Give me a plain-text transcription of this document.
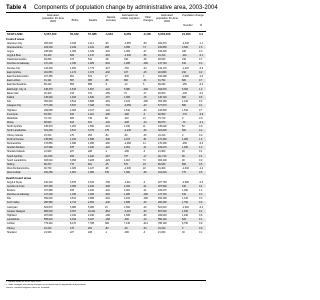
Table 4 Components of population change by administrative area, 2003-2004
Estimated population 30 June 2003	Births	Deaths
Natural increase
Estimated net civilian migration	Other changes
Estimated population 30 June 2004
Population change
Number	%
SCOTLAND	5,057,400	52,432	57,386	-4,954	8,359	-3,105	5,078,400	21,000	0.4
Council areas
Aberdeen City	206,600	2,018	2,113	-95	-1,555	-50	202,370	-2,230	-1.1
Aberdeenshire	229,330	2,249	2,041	208	3,095	73	232,850	3,520	1.5
Angus	108,990	1,009	1,329	-320	1,069	-27	109,320	330	0.3
Argyll & Bute	91,420	829	1,147	-318	-1,330	-53	91,310	-110	-0.1
Clackmannanshire	48,290	474	512	-38	316	-38	48,630	340	0.7
Dumfries & Galloway	147,230	1,335	1,929	-594	1,285	-180	147,740	510	0.3
Dundee City	143,390	1,452	1,779	-327	-760	-23	142,170	-1,220	-0.9
East Ayrshire	119,650	1,172	1,374	-202	137	-15	119,860	210	0.2
East Dunbartonshire	107,350	901	874	27	-530	3	106,290	-1,060	-1.0
East Lothian	91,110	897	986	-89	800	-31	91,790	680	0.7
East Renfrewshire	89,440	853	858	-5	-13	5	89,290	-150	-0.2
Edinburgh, City of	448,370	4,543	4,667	-124	5,080	-266	453,670	5,300	1.2
Eilean Siar	26,100	213	372	-159	76	-17	26,000	-100	-0.4
Falkirk	145,920	1,463	1,620	-157	1,009	-15	146,720	800	0.5
Fife	352,040	3,514	3,808	-294	2,103	-180	353,180	1,140	0.3
Glasgow City	577,090	6,537	7,328	-791	-2,059	-40	577,670	580	0.1
Highland	209,080	2,063	2,167	-104	1,616	-84	210,590	1,510	0.7
Inverclyde	83,330	816	1,115	-299	-298	-3	82,560	-770	-0.9
Midlothian	79,710	829	749	80	-110	21	79,710	0	0.0
Moray	86,940	813	911	-102	-238	-43	86,870	-70	-0.1
North Ayrshire	135,970	1,281	1,500	-219	1,160	11	136,020	50	0.0
North Lanarkshire	321,200	3,547	3,372	175	-1,245	-36	321,800	600	0.2
Orkney Islands	19,310	170	254	-84	-49	-33	19,310	0	0.0
Perth & Kinross	135,560	1,232	1,568	-336	2,072	-81	137,460	1,900	1.4
Renfrewshire	170,850	1,696	1,956	-260	-1,068	41	170,400	-450	-0.3
Scottish Borders	107,980	978	1,400	-422	2,061	-31	109,270	1,290	1.2
Shetland Islands	21,930	227	228	-1	-186	-3	21,960	30	0.1
South Ayrshire	111,630	933	1,420	-487	737	-17	111,710	80	0.1
South Lanarkshire	303,010	3,094	3,223	-129	1,118	72	303,100	90	0.0
Stirling	86,370	776	821	-45	570	23	86,930	560	0.6
West Dunbartonshire	92,740	1,029	1,127	-98	-1,036	22	91,400	-1,340	-1.4
West Lothian	160,250	1,901	1,386	515	1,360	-38	161,020	770	0.5
Health board areas
Argyll & Clyde	410,340	3,875	4,633	-758	-1,911	-3	407,760	-2,580	-0.6
Ayrshire & Arran	367,250	3,386	4,294	-908	2,034	-21	367,590	340	0.1
Borders	107,980	978	1,400	-422	2,061	-31	109,270	1,290	1.2
Dumfries & Galloway	147,230	1,335	1,929	-594	1,285	-180	147,740	510	0.3
Fife	352,040	3,514	3,808	-294	2,103	-180	353,180	1,140	0.3
Forth Valley	280,580	2,713	2,953	-240	1,895	-30	282,280	1,700	0.6
Grampian	522,870	5,080	5,065	15	1,302	-20	521,610	-1,260	-0.2
Greater Glasgow	866,600	9,367	10,231	-864	-3,402	-30	867,630	1,030	0.1
Highland	207,800	2,010	2,196	-186	1,505	-80	209,040	1,240	0.6
Lanarkshire	555,620	6,019	6,187	-168	-300	-10	556,140	520	0.1
Lothian	779,440	8,170	7,788	382	7,130	-314	786,190	6,750	0.9
Orkney	19,310	170	254	-84	-49	-33	19,310	0	0.0
Shetland	21,930	227	228	-1	-186	-3	21,960	30	0.1
1 Council areas as at 30 June 2004.
2 Other changes are mainly changes in the armed forces population and prisoners.
Source: General Register Office for Scotland.
